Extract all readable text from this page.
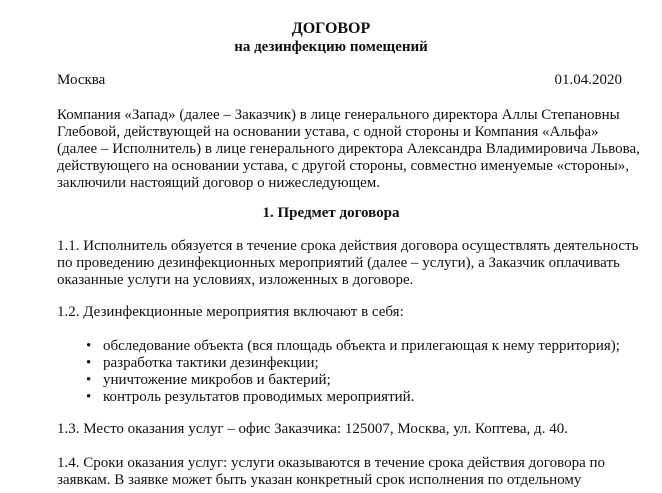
ДОГОВОР
на дезинфекцию помещений
Москва	01.04.2020
Компания «Запад» (далее – Заказчик) в лице генерального директора Аллы Степановны
Глебовой, действующей на основании устава, с одной стороны и Компания «Альфа»
(далее – Исполнитель) в лице генерального директора Александра Владимировича Львова,
действующего на основании устава, с другой стороны, совместно именуемые «стороны»,
заключили настоящий договор о нижеследующем.
1. Предмет договора
1.1. Исполнитель обязуется в течение срока действия договора осуществлять деятельность
по проведению дезинфекционных мероприятий (далее – услуги), а Заказчик оплачивать
оказанные услуги на условиях, изложенных в договоре.
1.2. Дезинфекционные мероприятия включают в себя:
• обследование объекта (вся площадь объекта и прилегающая к нему территория);
• разработка тактики дезинфекции;
• уничтожение микробов и бактерий;
• контроль результатов проводимых мероприятий.
1.3. Место оказания услуг – офис Заказчика: 125007, Москва, ул. Коптева, д. 40.
1.4. Сроки оказания услуг: услуги оказываются в течение срока действия договора по
заявкам. В заявке может быть указан конкретный срок исполнения по отдельному
